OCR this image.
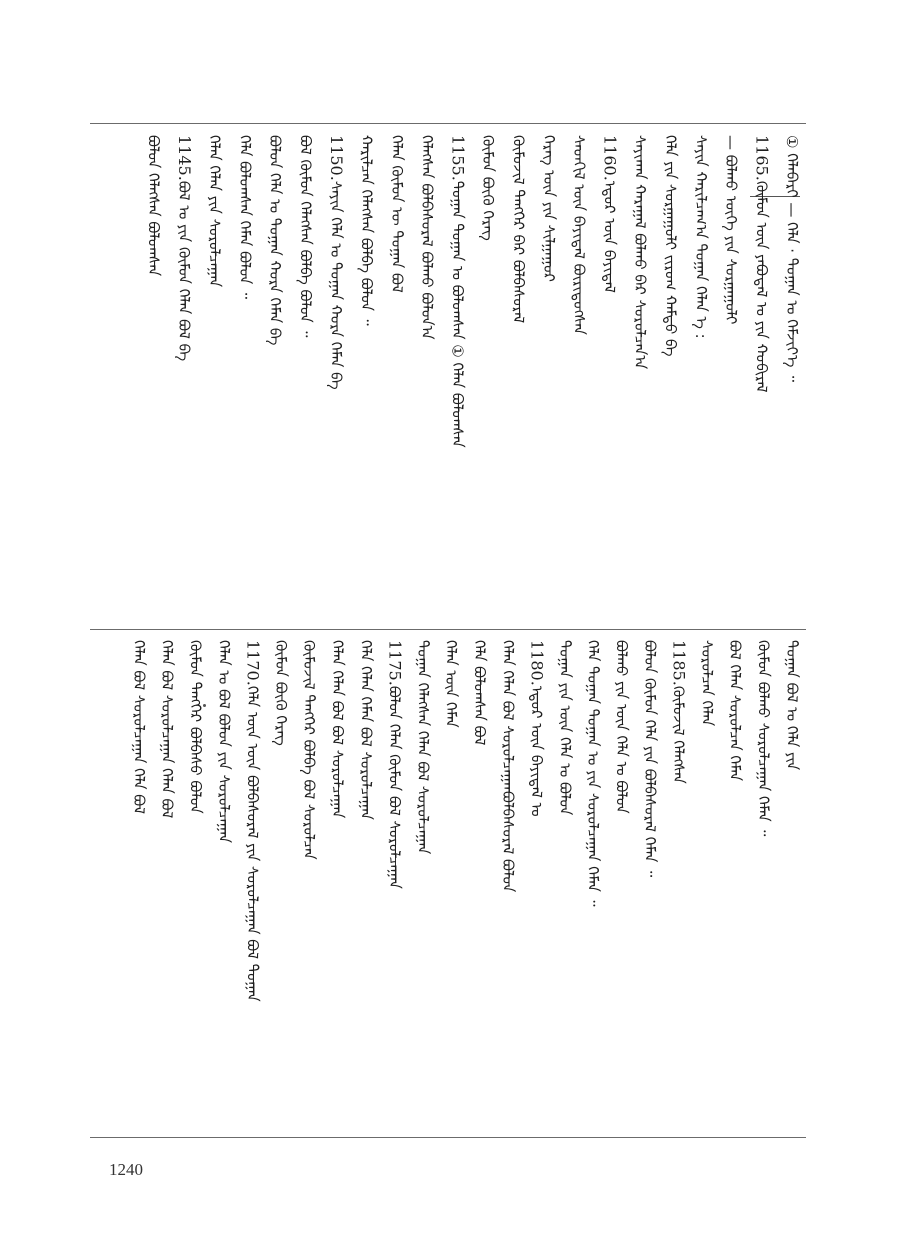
① ᠬᠡᠯᠡᠪᠡᠷᠢ — ᠬᠡᠯᠡ · ᠲᠣᠭᠠᠨ ᠤ ᠬᠡᠮᠵᠢᠶ᠎ᠡ ᠃
1165.ᠬᠦᠮᠦᠨ ᠦᠨ ᠶᠠᠪᠤᠳᠠᠯ ᠤ ᠶᠢᠨ ᠬᠤᠪᠢᠷᠠᠯ
— ᠪᠣᠯᠬᠤ ᠦᠭᠡ ᠶᠢᠨ ᠰᠤᠷᠭᠠᠭᠤᠯᠢ
ᠰᠠᠶᠢᠨ ᠬᠠᠷᠢᠯᠴᠠᠭ᠎ᠠ ᠲᠣᠭᠠᠨ ᠬᠡᠯᠡᠨ ᠡ :
ᠬᠡᠯᠡ ᠶᠢᠨ ᠰᠤᠷᠭᠠᠭᠤᠯᠢ ᠵᠢᠷᠤᠭ ᠬᠠᠮᠲᠤ ᠪᠡ
ᠰᠠᠶᠢᠬᠠᠨ ᠬᠠᠷᠠᠭᠠᠯ ᠪᠣᠯᠬᠤ ᠪᠠᠷ ᠰᠤᠷᠤᠯᠴᠠᠨ᠎ᠠ
1160.ᠡᠳᠦᠷ ᠦᠨ ᠪᠠᠶᠢᠳᠠᠯ
ᠰᠡᠳᠬᠢᠯ ᠦᠨ ᠪᠠᠶᠢᠳᠠᠯ ᠪᠦᠷᠢᠳᠦᠭᠰᠡᠨ
ᠬᠡᠷᠡᠭ ᠦᠨ ᠶᠢᠨ ᠰᠢᠯᠭᠠᠭᠤᠷ
ᠬᠦᠮᠦᠵᠢᠯ ᠲᠡᠩᠭᠡᠷ ᠪᠡᠷ ᠪᠣᠯᠪᠠᠰᠤᠷᠠᠯ
ᠬᠦᠮᠦᠨ ᠪᠦᠬᠦ ᠬᠡᠷᠡᠭ
1155.ᠲᠣᠭᠠᠨ ᠲᠣᠭᠠᠨ ᠤ ᠪᠣᠯᠤᠭᠰᠠᠨ ① ᠬᠡᠯᠡᠨ ᠪᠣᠯᠤᠭᠰᠠᠨ
ᠬᠡᠯᠡᠭᠰᠡᠨ ᠪᠣᠯᠪᠠᠰᠤᠷᠠᠯ ᠪᠣᠯᠬᠤ ᠪᠣᠯᠤᠨ᠎ᠠ
ᠬᠡᠯᠡᠨ ᠬᠦᠮᠦᠨ ᠦ ᠲᠣᠭᠠᠨ ᠪᠣᠯ
ᠬᠠᠷᠢᠯᠴᠠᠨ ᠬᠡᠯᠡᠭᠰᠡᠨ ᠪᠣᠯᠪᠠ ᠪᠣᠯᠤᠨ ᠃
1150.ᠰᠠᠶᠢᠨ ᠬᠡᠯᠡ ᠤ ᠲᠣᠭᠠᠨ ᠬᠤᠷᠠ ᠬᠡᠮᠡᠨ ᠪᠡ
ᠪᠣᠯ ᠬᠦᠮᠦᠨ ᠬᠡᠯᠡᠭᠰᠡᠨ ᠪᠣᠯᠪᠠ ᠪᠣᠯᠤᠨ ᠃
ᠪᠣᠯᠤᠨ ᠬᠡᠯᠡ ᠤ ᠲᠣᠭᠠᠨ ᠬᠤᠷᠠ ᠬᠡᠮᠡᠨ ᠪᠡ
ᠬᠡᠯᠡ ᠪᠣᠯᠤᠭᠰᠠᠨ ᠬᠡᠮᠡᠨ ᠪᠣᠯᠤᠨ ᠃
ᠬᠡᠯᠡᠨ ᠬᠡᠯᠡᠨ ᠶᠢᠨ ᠰᠤᠷᠤᠯᠴᠠᠭᠠᠨ
1145.ᠪᠣᠯ ᠤ ᠶᠢᠨ ᠬᠦᠮᠦᠨ ᠬᠡᠯᠡᠨ ᠪᠣᠯ ᠪᠡ
ᠪᠣᠯᠤᠨ ᠬᠡᠯᠡᠭᠰᠡᠨ ᠪᠣᠯᠤᠭᠰᠠᠨ
ᠲᠣᠭᠠᠨ ᠪᠣᠯ ᠤ ᠬᠡᠯᠡ ᠶᠢᠨ
ᠬᠦᠮᠦᠨ ᠪᠣᠯᠬᠤ ᠰᠤᠷᠤᠯᠴᠠᠭᠠᠨ ᠬᠡᠮᠡᠨ ᠃
ᠪᠣᠯ ᠬᠡᠯᠡᠨ ᠰᠤᠷᠤᠯᠴᠠᠨ ᠬᠡᠮᠡᠨ
ᠰᠤᠷᠤᠯᠴᠠᠨ ᠬᠡᠯᠡᠨ
1185.ᠬᠦᠮᠦᠵᠢᠯ ᠬᠡᠯᠡᠭᠰᠡᠨ
ᠪᠣᠯᠤᠨ ᠬᠦᠮᠦᠨ ᠬᠡᠯᠡ ᠶᠢᠨ ᠪᠣᠯᠪᠠᠰᠤᠷᠠᠯ ᠬᠡᠮᠡᠨ ᠃
ᠪᠣᠯᠬᠤ ᠶᠢᠨ ᠦᠨ ᠬᠡᠯᠡ ᠤ ᠪᠣᠯᠤᠨ
ᠬᠡᠯᠡ ᠲᠣᠭᠠᠨ ᠲᠣᠭᠠᠨ ᠤ ᠶᠢᠨ ᠰᠤᠷᠤᠯᠴᠠᠭᠠᠨ ᠬᠡᠮᠡᠨ ᠃
ᠲᠣᠭᠠᠨ ᠶᠢᠨ ᠦᠨ ᠬᠡᠯᠡ ᠤ ᠪᠣᠯᠤᠨ
1180.ᠡᠳᠦᠷ ᠦᠨ ᠪᠠᠶᠢᠳᠠᠯ ᠤ
ᠬᠡᠯᠡᠨ ᠬᠡᠯᠡᠨ ᠪᠣᠯ ᠰᠤᠷᠤᠯᠴᠠᠭᠠᠨᠪᠣᠯᠪᠠᠰᠤᠷᠠᠯ ᠪᠣᠯᠤᠨ
ᠬᠡᠯᠡ ᠪᠣᠯᠤᠭᠰᠠᠨ ᠪᠣᠯ
ᠬᠡᠯᠡᠨ ᠦᠨ ᠬᠡᠮᠡᠨ
ᠲᠣᠭᠠᠨ ᠬᠡᠯᠡᠭᠰᠡᠨ ᠬᠡᠯᠡᠨ ᠪᠣᠯ ᠰᠤᠷᠤᠯᠴᠠᠭᠠᠨ
1175.ᠪᠣᠯᠤᠨ ᠬᠡᠯᠡᠨ ᠬᠦᠮᠦᠨ ᠪᠣᠯ ᠰᠤᠷᠤᠯᠴᠠᠭᠠᠨ
ᠬᠡᠯᠡ ᠬᠡᠯᠡᠨ ᠬᠡᠮᠡᠨ ᠪᠣᠯ ᠰᠤᠷᠤᠯᠴᠠᠭᠠᠨ
ᠬᠡᠯᠡᠨ ᠬᠡᠯᠡᠨ ᠪᠣᠯ ᠪᠣᠯ ᠰᠤᠷᠤᠯᠴᠠᠭᠠᠨ
ᠬᠦᠮᠦᠵᠢᠯ ᠲᠡᠩᠭᠡᠷ ᠪᠣᠯᠪᠠ ᠪᠣᠯ ᠰᠤᠷᠤᠯᠴᠠᠨ
ᠬᠦᠮᠦᠨ ᠪᠦᠬᠦ ᠬᠡᠷᠡᠭ
1170.ᠬᠡᠯᠡ ᠦᠨ ᠦᠨ ᠪᠣᠯᠪᠠᠰᠤᠷᠠᠯ ᠶᠢᠨ ᠰᠤᠷᠤᠯᠴᠠᠭᠠᠨ ᠪᠣᠯ ᠲᠣᠭᠠᠨ
ᠬᠡᠯᠡᠨ ᠤ ᠪᠣᠯ ᠪᠣᠯᠤᠨ ᠶᠢᠨ ᠰᠤᠷᠤᠯᠴᠠᠭᠠᠨ
ᠬᠦᠮᠦᠨ ᠲᠡᠩᠭᠡᠷ ᠪᠣᠯᠪᠠᠰᠤ ᠪᠣᠯᠤᠨ
ᠬᠡᠯᠡᠨ ᠪᠣᠯ ᠰᠤᠷᠤᠯᠴᠠᠭᠠᠨ ᠬᠡᠯᠡᠨ ᠪᠣᠯ
ᠬᠡᠯᠡᠨ ᠪᠣᠯ ᠰᠤᠷᠤᠯᠴᠠᠭᠠᠨ ᠬᠡᠯᠡ ᠪᠣᠯ
1240
